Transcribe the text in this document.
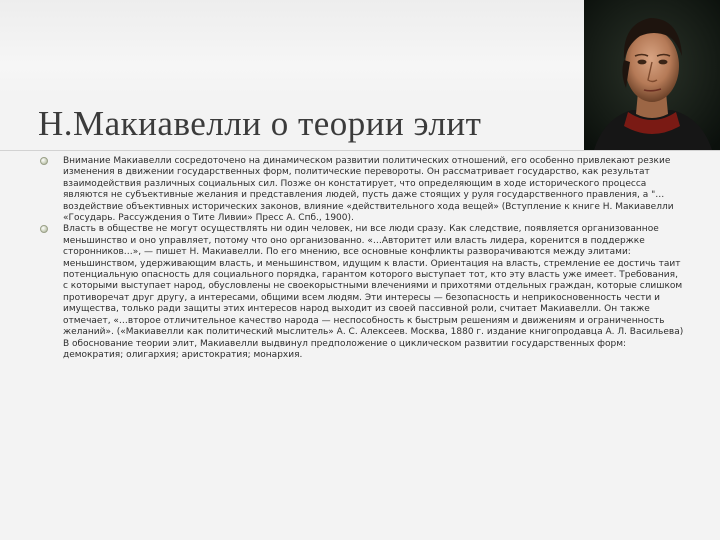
Н.Макиавелли о теории элит
Внимание Макиавелли сосредоточено на динамическом развитии политических отношений, его особенно привлекают резкие изменения в движении государственных форм, политические перевороты. Он рассматривает государство, как результат взаимодействия различных социальных сил. Позже он констатирует, что определяющим в ходе исторического процесса являются не субъективные желания и представления людей, пусть даже стоящих у руля государственного правления, а "…воздействие объективных исторических законов, влияние «действительного хода вещей» (Вступление к книге Н. Макиавелли «Государь. Рассуждения о Тите Ливии» Пресс А. Спб., 1900).
Власть в обществе не могут осуществлять ни один человек, ни все люди сразу. Как следствие, появляется организованное меньшинство и оно управляет, потому что оно организованно. «…Авторитет или власть лидера, коренится в поддержке сторонников…», — пишет Н. Макиавелли. По его мнению, все основные конфликты разворачиваются между элитами: меньшинством, удерживающим власть, и меньшинством, идущим к власти. Ориентация на власть, стремление ее достичь таит потенциальную опасность для социального порядка, гарантом которого выступает тот, кто эту власть уже имеет. Требования, с которыми выступает народ, обусловлены не своекорыстными влечениями и прихотями отдельных граждан, которые слишком противоречат друг другу, а интересами, общими всем людям. Эти интересы — безопасность и неприкосновенность чести и имущества, только ради защиты этих интересов народ выходит из своей пассивной роли, считает Макиавелли. Он также отмечает, «…второе отличительное качество народа — неспособность к быстрым решениям и движениям и ограниченность желаний». («Макиавелли как политический мыслитель» А. С. Алексеев. Москва, 1880 г. издание книгопродавца А. Л. Васильева) В обоснование теории элит, Макиавелли выдвинул предположение о циклическом развитии государственных форм: демократия; олигархия; аристократия; монархия.
